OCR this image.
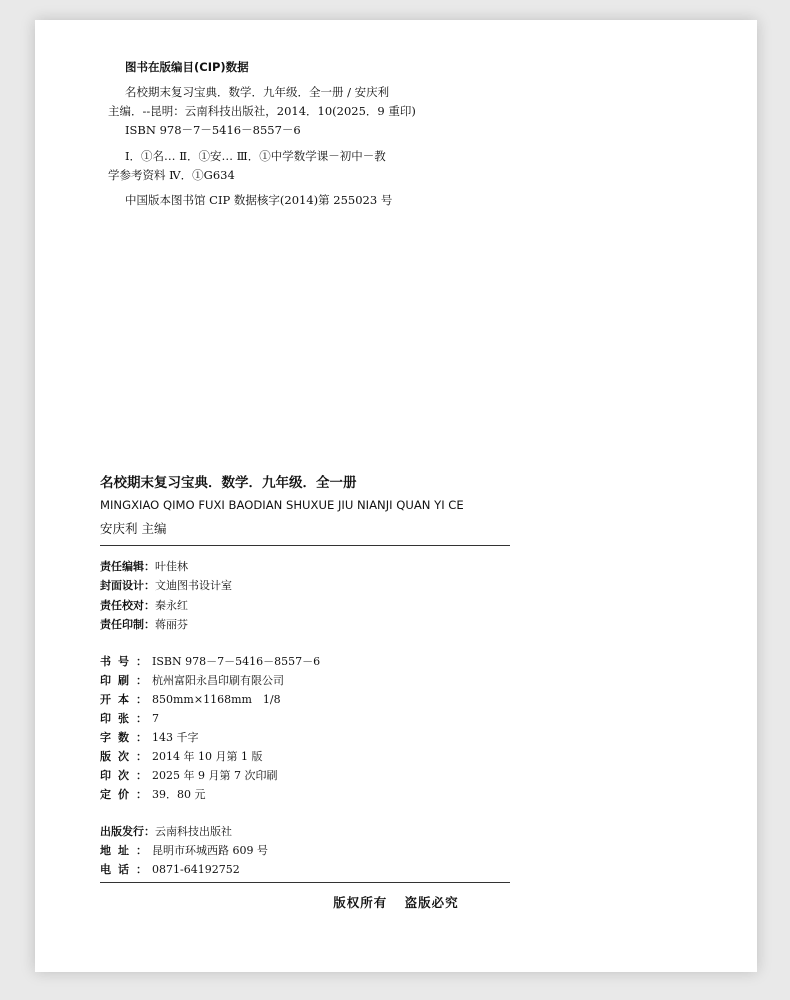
图书在版编目(CIP)数据
名校期末复习宝典．数学．九年级．全一册 / 安庆利
主编．--昆明：云南科技出版社，2014．10(2025．9 重印)
ISBN 978－7－5416－8557－6
Ⅰ．①名… Ⅱ．①安… Ⅲ．①中学数学课－初中－教
学参考资料 Ⅳ．①G634
中国版本图书馆 CIP 数据核字(2014)第 255023 号
名校期末复习宝典．数学．九年级．全一册
MINGXIAO QIMO FUXI BAODIAN SHUXUE JIU NIANJI QUAN YI CE
安庆利 主编
责任编辑：叶佳林
封面设计：文迪图书设计室
责任校对：秦永红
责任印制：蒋丽芬
书号： ISBN 978－7－5416－8557－6
印刷： 杭州富阳永昌印刷有限公司
开本： 850mm×1168mm　1/8
印张： 7
字数： 143 千字
版次： 2014 年 10 月第 1 版
印次： 2025 年 9 月第 7 次印刷
定价： 39．80 元
出版发行：云南科技出版社
地址： 昆明市环城西路 609 号
电话： 0871-64192752
版权所有 盗版必究
